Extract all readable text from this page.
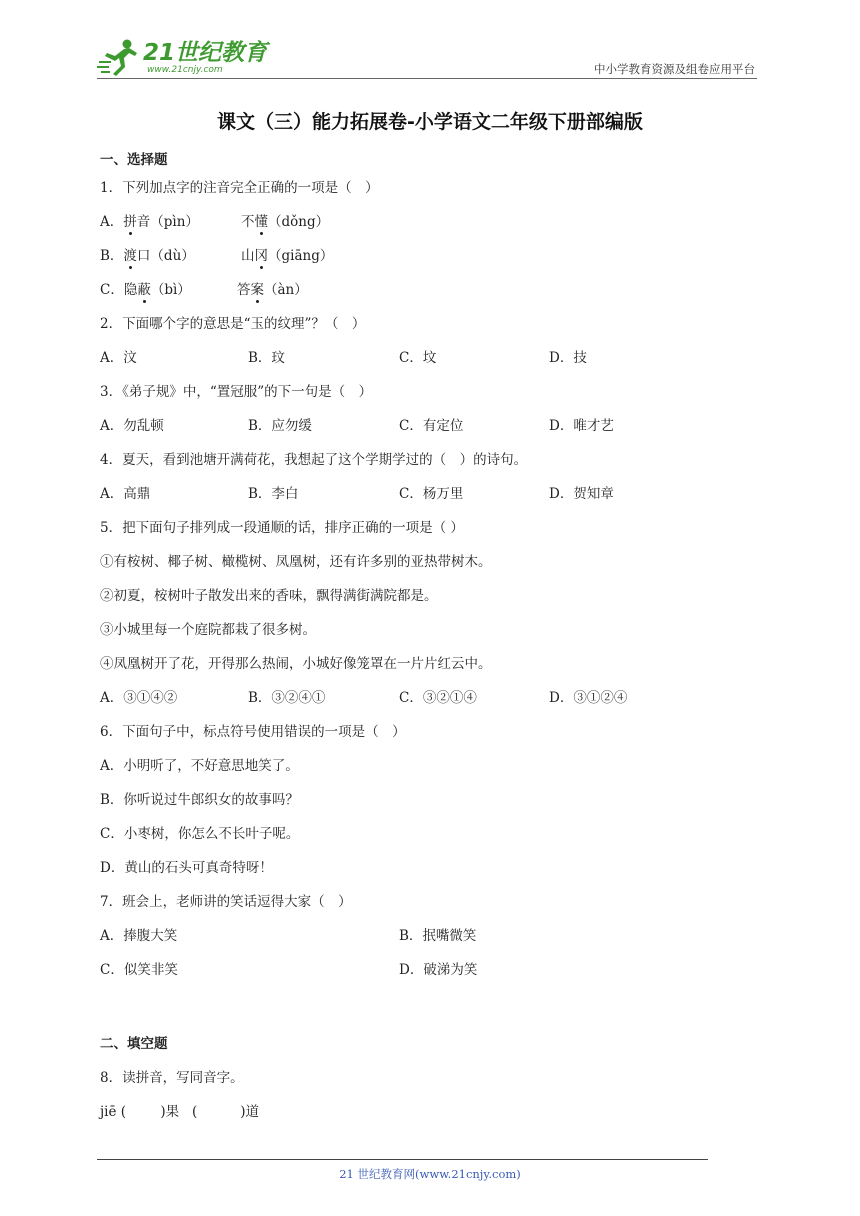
21世纪教育
www.21cnjy.com	中小学教育资源及组卷应用平台
课文（三）能力拓展卷-小学语文二年级下册部编版
一、选择题
1．下列加点字的注音完全正确的一项是（　）
A．拼音（pìn）	不懂（dǒng）
B．渡口（dù）	山冈（giāng）
C．隐蔽（bì）	答案（àn）
2．下面哪个字的意思是“玉的纹理”？（　）
A．汶	B．玟	C．坟	D．技
3．《弟子规》中，“置冠服”的下一句是（　）
A．勿乱顿	B．应勿缓	C．有定位	D．唯才艺
4．夏天，看到池塘开满荷花，我想起了这个学期学过的（　）的诗句。
A．高鼎	B．李白	C．杨万里	D．贺知章
5．把下面句子排列成一段通顺的话，排序正确的一项是（ ）
①有桉树、椰子树、橄榄树、凤凰树，还有许多别的亚热带树木。
②初夏，桉树叶子散发出来的香味，飘得满街满院都是。
③小城里每一个庭院都栽了很多树。
④凤凰树开了花，开得那么热闹，小城好像笼罩在一片片红云中。
A．③①④②	B．③②④①	C．③②①④	D．③①②④
6．下面句子中，标点符号使用错误的一项是（　）
A．小明听了，不好意思地笑了。
B．你听说过牛郎织女的故事吗？
C．小枣树，你怎么不长叶子呢。
D．黄山的石头可真奇特呀！
7．班会上，老师讲的笑话逗得大家（　）
A．捧腹大笑	B．抿嘴微笑
C．似笑非笑	D．破涕为笑
二、填空题
8．读拼音，写同音字。
jiē (        )果   (          )道
21 世纪教育网(www.21cnjy.com)
